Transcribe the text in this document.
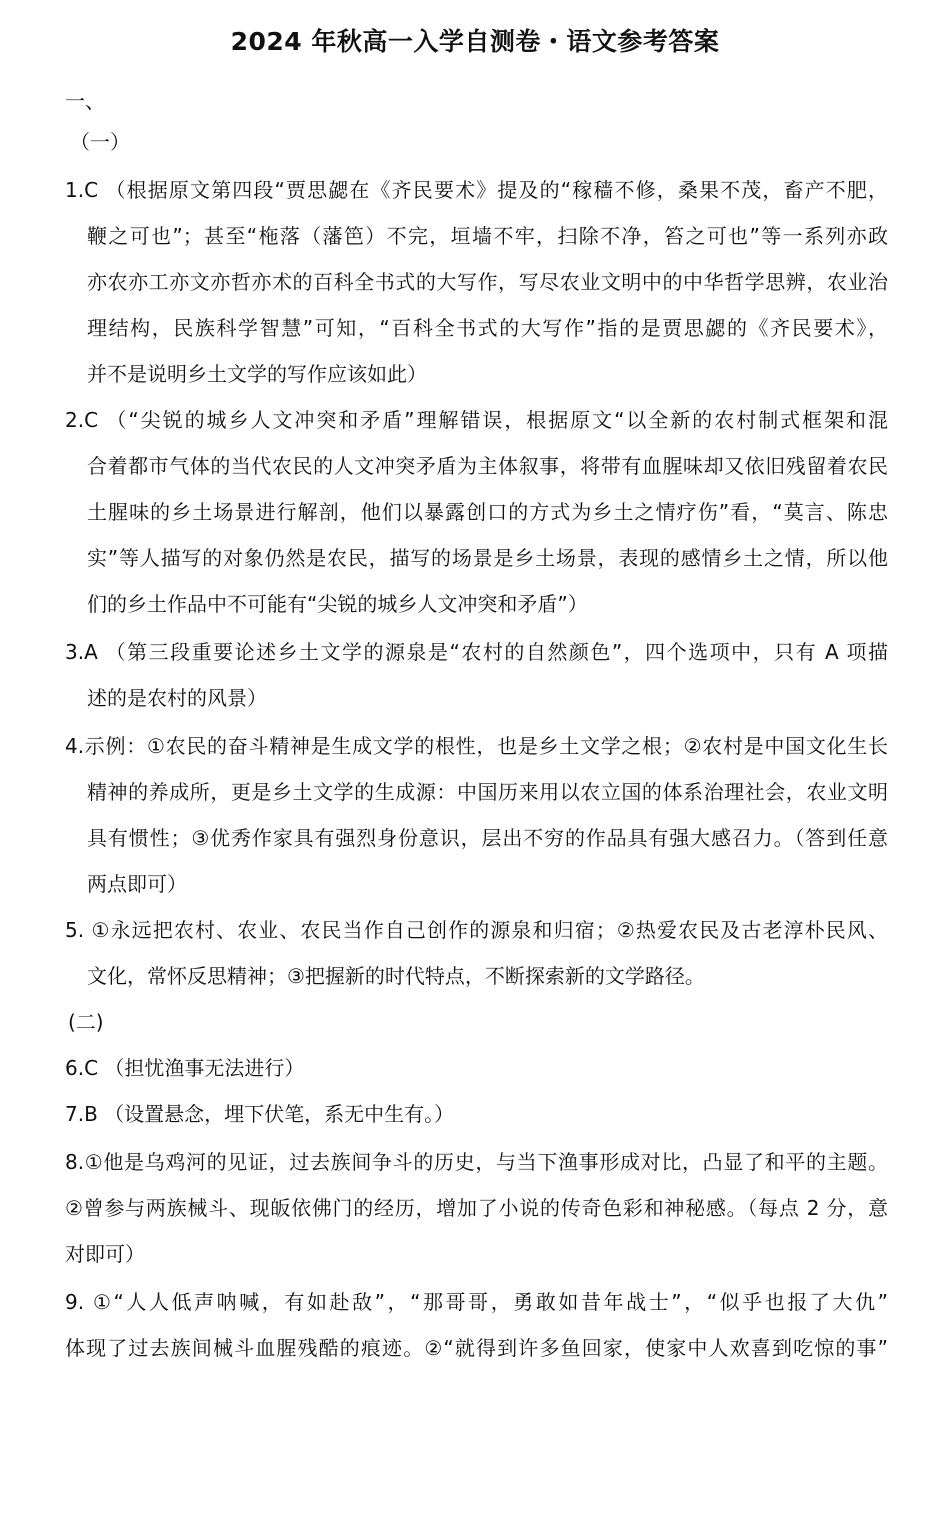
2024 年秋高一入学自测卷・语文参考答案
一、
（一）
1.C （根据原文第四段“贾思勰在《齐民要术》提及的“稼穑不修，桑果不茂，畜产不肥，
鞭之可也”；甚至“柂落（藩笆）不完，垣墙不牢，扫除不净，笞之可也”等一系列亦政
亦农亦工亦文亦哲亦术的百科全书式的大写作，写尽农业文明中的中华哲学思辨，农业治
理结构，民族科学智慧”可知，“百科全书式的大写作”指的是贾思勰的《齐民要术》，
并不是说明乡土文学的写作应该如此）
2.C （“尖锐的城乡人文冲突和矛盾”理解错误，根据原文“以全新的农村制式框架和混
合着都市气体的当代农民的人文冲突矛盾为主体叙事，将带有血腥味却又依旧残留着农民
土腥味的乡土场景进行解剖，他们以暴露创口的方式为乡土之情疗伤”看，“莫言、陈忠
实”等人描写的对象仍然是农民，描写的场景是乡土场景，表现的感情乡土之情，所以他
们的乡土作品中不可能有“尖锐的城乡人文冲突和矛盾”）
3.A （第三段重要论述乡土文学的源泉是“农村的自然颜色”，四个选项中，只有 A 项描
述的是农村的风景）
4.示例：①农民的奋斗精神是生成文学的根性，也是乡土文学之根；②农村是中国文化生长
精神的养成所，更是乡土文学的生成源：中国历来用以农立国的体系治理社会，农业文明
具有惯性；③优秀作家具有强烈身份意识，层出不穷的作品具有强大感召力。（答到任意
两点即可）
5. ①永远把农村、农业、农民当作自己创作的源泉和归宿；②热爱农民及古老淳朴民风、
文化，常怀反思精神；③把握新的时代特点，不断探索新的文学路径。
(二)
6.C （担忧渔事无法进行）
7.B （设置悬念，埋下伏笔，系无中生有。）
8.①他是乌鸡河的见证，过去族间争斗的历史，与当下渔事形成对比，凸显了和平的主题。
②曾参与两族械斗、现皈依佛门的经历，增加了小说的传奇色彩和神秘感。（每点 2 分，意
对即可）
9. ①“人人低声呐喊，有如赴敌”，“那哥哥，勇敢如昔年战士”，“似乎也报了大仇”
体现了过去族间械斗血腥残酷的痕迹。②“就得到许多鱼回家，使家中人欢喜到吃惊的事”
